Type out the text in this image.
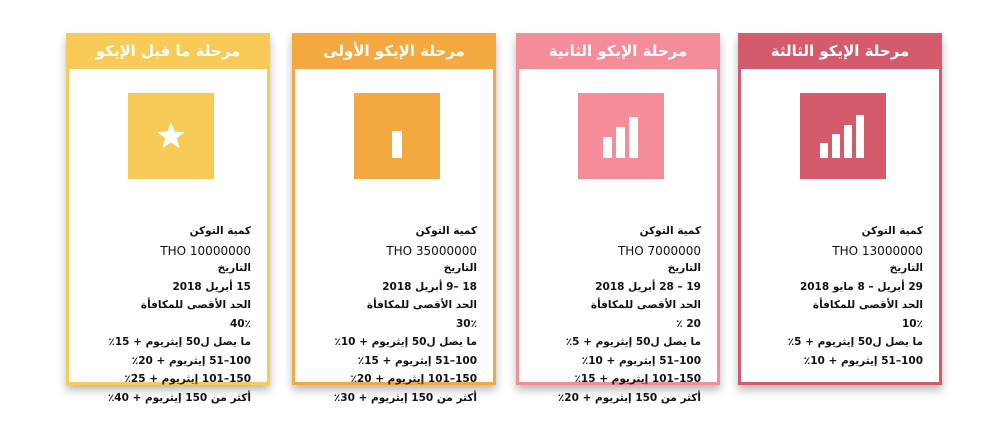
مرحلة ما قبل الإيكو
كمية التوكن
THO 10000000
التاريخ
15 أبريل 2018
الحد الأقصى للمكافأة
40٪
ما يصل ل50 إيثريوم + 15٪
100–51 إيثريوم + 20٪
150–101 إيثريوم + 25٪
أكثر من 150 إيثريوم + 40٪
مرحلة الإيكو الأولى
كمية التوكن
THO 35000000
التاريخ
18 –9 أبريل 2018
الحد الأقصى للمكافأة
30٪
ما يصل ل50 إيثريوم + 10٪
100–51 إيثريوم + 15٪
150–101 إيثريوم + 20٪
أكثر من 150 إيثريوم + 30٪
مرحلة الإيكو الثانية
كمية التوكن
THO 7000000
التاريخ
19 – 28 أبريل 2018
الحد الأقصى للمكافأة
20 ٪
ما يصل ل50 إيثريوم + 5٪
100–51 إيثريوم + 10٪
150–101 إيثريوم + 15٪
أكثر من 150 إيثريوم + 20٪
مرحلة الإيكو الثالثة
كمية التوكن
THO 13000000
التاريخ
29 أبريل – 8 مايو 2018
الحد الأقصى للمكافأة
10٪
ما يصل ل50 إيثريوم + 5٪
100–51 إيثريوم + 10٪
